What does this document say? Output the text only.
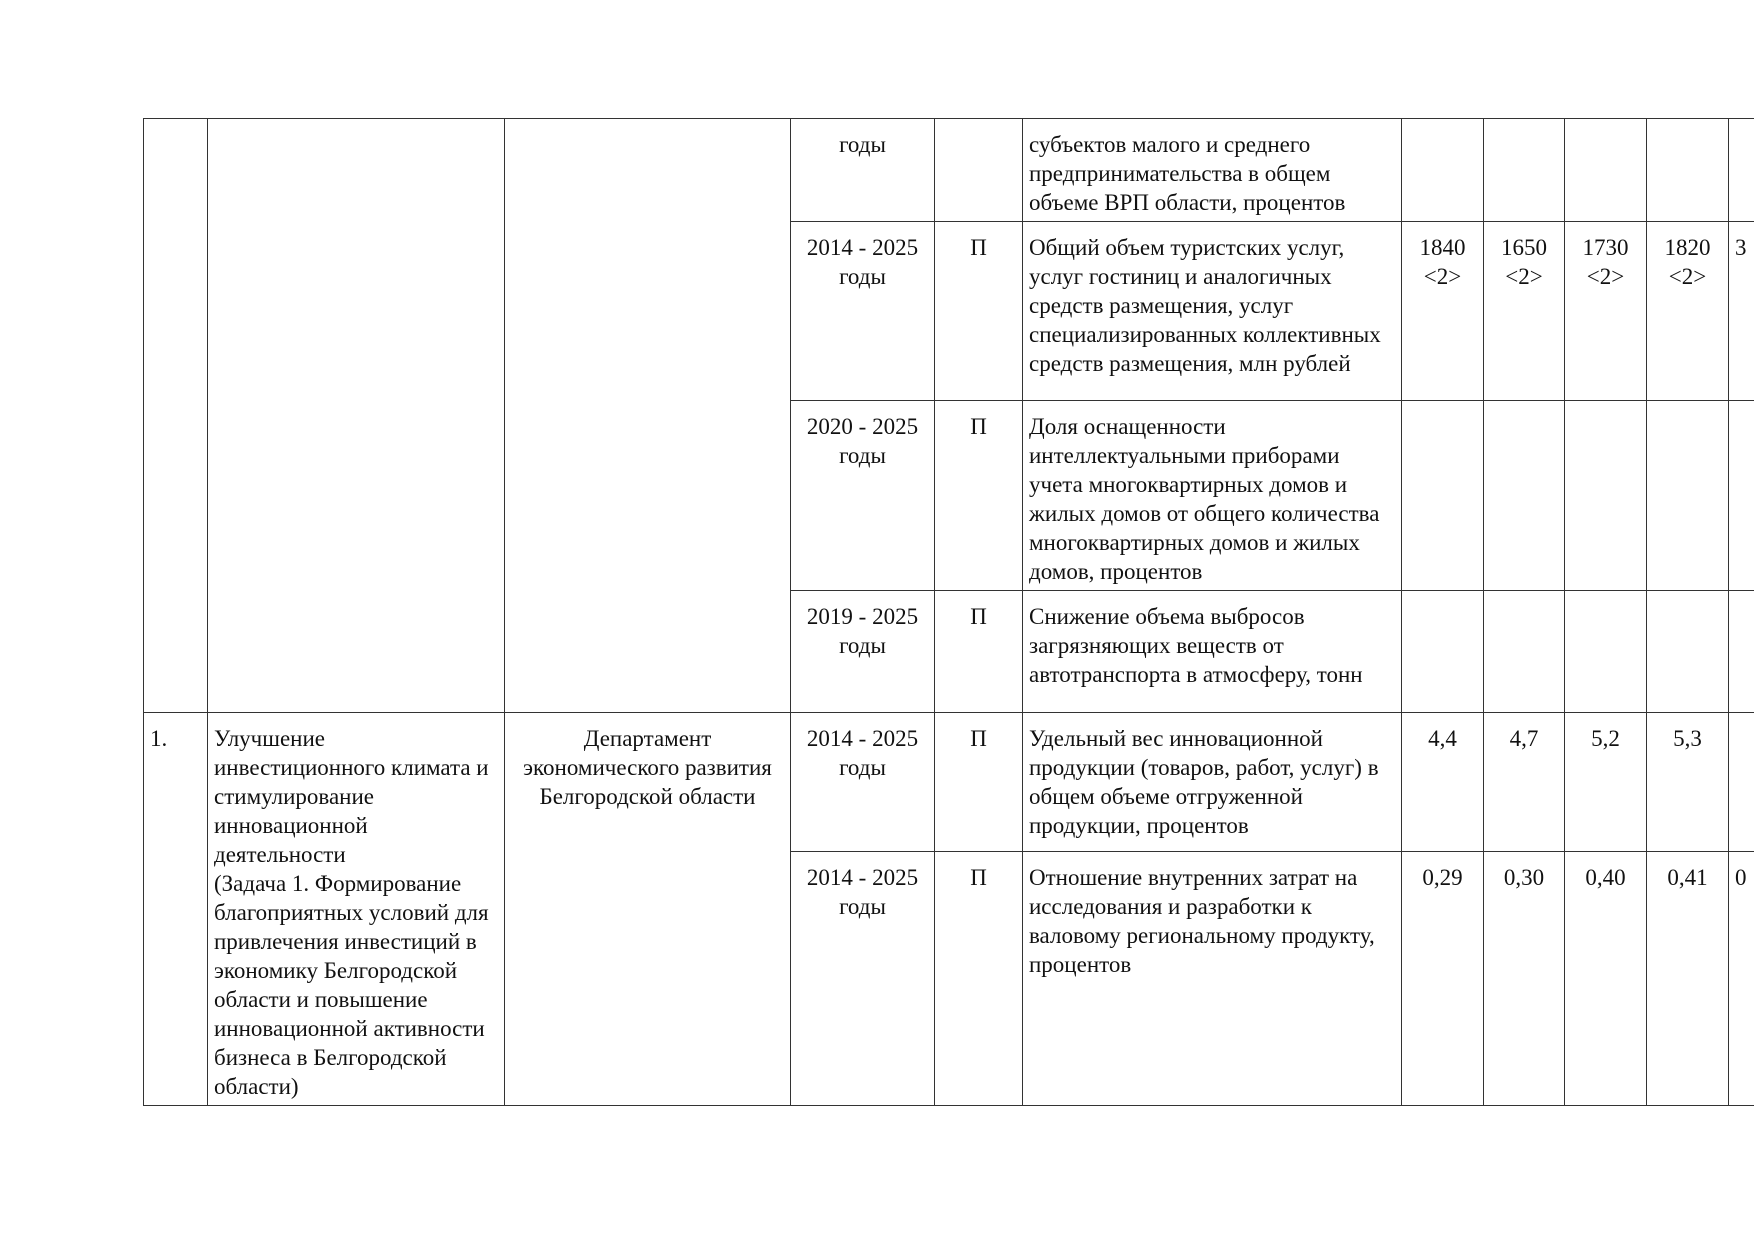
			годы		субъектов малого и среднего предпринимательства в общем объеме ВРП области, процентов					
			2014 - 2025 годы	П	Общий объем туристских услуг, услуг гостиниц и аналогичных средств размещения, услуг специализированных коллективных средств размещения, млн рублей	1840 <2>	1650 <2>	1730 <2>	1820 <2>	3
			2020 - 2025 годы	П	Доля оснащенности интеллектуальными приборами учета многоквартирных домов и жилых домов от общего количества многоквартирных домов и жилых домов, процентов					
			2019 - 2025 годы	П	Снижение объема выбросов загрязняющих веществ от автотранспорта в атмосферу, тонн					
1.	Улучшение инвестиционного климата и стимулирование инновационной деятельности
(Задача 1. Формирование благоприятных условий для привлечения инвестиций в экономику Белгородской области и повышение инновационной активности бизнеса в Белгородской области)	Департамент экономического развития Белгородской области	2014 - 2025 годы	П	Удельный вес инновационной продукции (товаров, работ, услуг) в общем объеме отгруженной продукции, процентов	4,4	4,7	5,2	5,3	
			2014 - 2025 годы	П	Отношение внутренних затрат на исследования и разработки к валовому региональному продукту, процентов	0,29	0,30	0,40	0,41	0
